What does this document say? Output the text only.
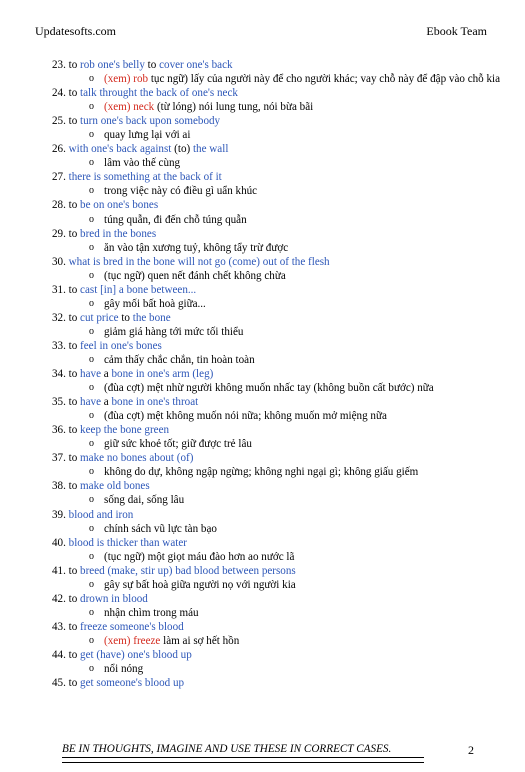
Updatesofts.com	Ebook Team
23. to rob one's belly to cover one's back
o (xem) rob tục ngữ) lấy của người này để cho người khác; vay chỗ này để đập vào chỗ kia
24. to talk throught the back of one's neck
o (xem) neck (từ lóng) nói lung tung, nói bừa bãi
25. to turn one's back upon somebody
o quay lưng lại với ai
26. with one's back against (to) the wall
o lâm vào thế cùng
27. there is something at the back of it
o trong việc này có điều gì uẩn khúc
28. to be on one's bones
o túng quẫn, đi đến chỗ túng quẫn
29. to bred in the bones
o ăn vào tận xương tuỷ, không tẩy trừ được
30. what is bred in the bone will not go (come) out of the flesh
o (tục ngữ) quen nết đánh chết không chừa
31. to cast [in] a bone between...
o gây mối bất hoà giữa...
32. to cut price to the bone
o giảm giá hàng tới mức tối thiểu
33. to feel in one's bones
o cảm thấy chắc chắn, tin hoàn toàn
34. to have a bone in one's arm (leg)
o (đùa cợt) mệt nhừ người không muốn nhấc tay (không buồn cất bước) nữa
35. to have a bone in one's throat
o (đùa cợt) mệt không muốn nói nữa; không muốn mở miệng nữa
36. to keep the bone green
o giữ sức khoẻ tốt; giữ được trẻ lâu
37. to make no bones about (of)
o không do dự, không ngập ngừng; không nghi ngại gì; không giấu giếm
38. to make old bones
o sống dai, sống lâu
39. blood and iron
o chính sách vũ lực tàn bạo
40. blood is thicker than water
o (tục ngữ) một giọt máu đào hơn ao nước lã
41. to breed (make, stir up) bad blood between persons
o gây sự bất hoà giữa người nọ với người kia
42. to drown in blood
o nhận chìm trong máu
43. to freeze someone's blood
o (xem) freeze làm ai sợ hết hồn
44. to get (have) one's blood up
o nổi nóng
45. to get someone's blood up
BE IN THOUGHTS, IMAGINE AND USE THESE IN CORRECT CASES.	2
